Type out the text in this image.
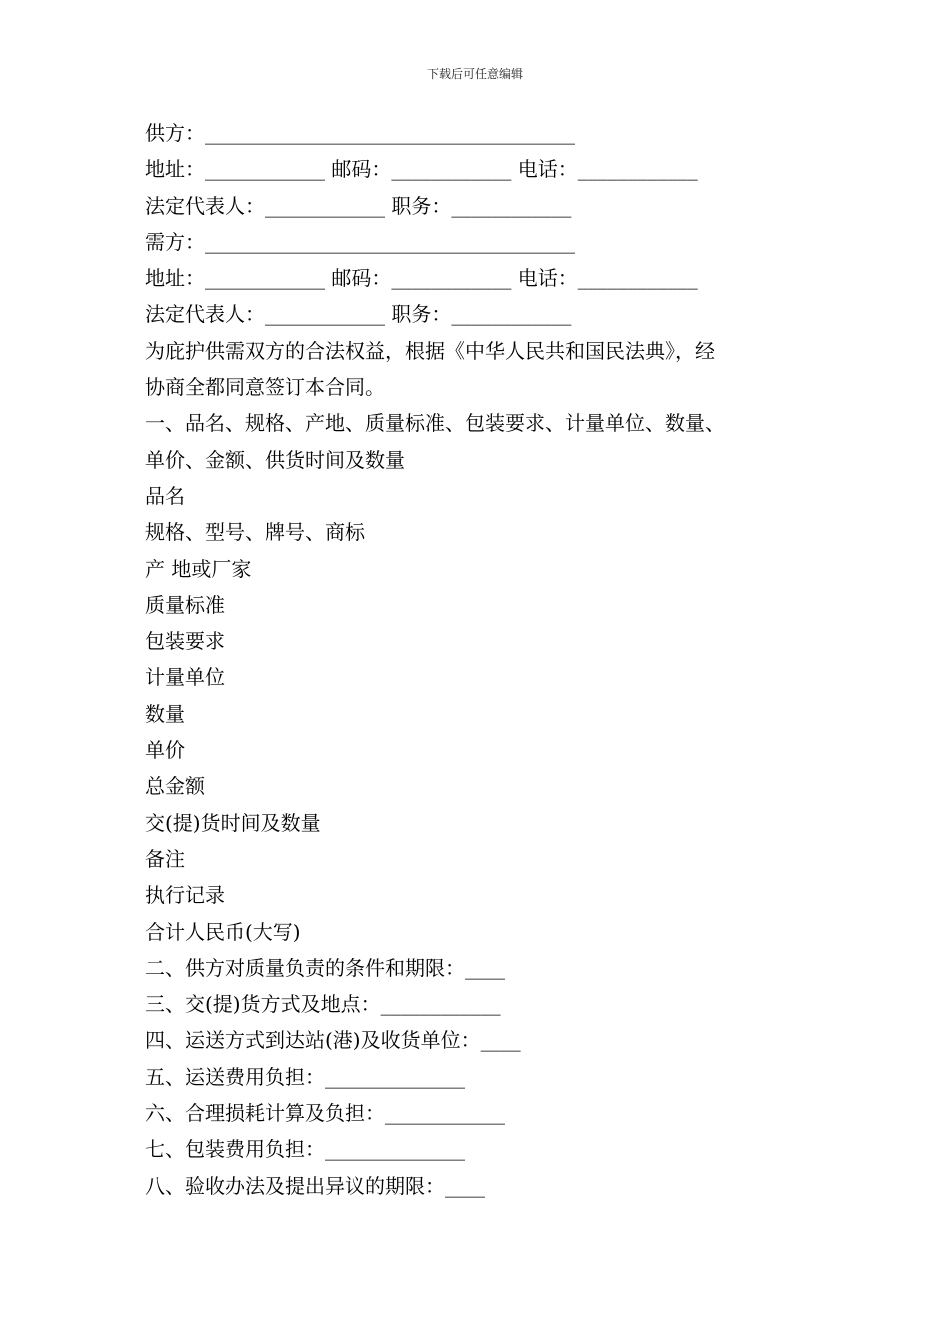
下载后可任意编辑
供方：_____________________________________
地址：____________ 邮码：____________ 电话：____________
法定代表人：____________ 职务：____________
需方：_____________________________________
地址：____________ 邮码：____________ 电话：____________
法定代表人：____________ 职务：____________
为庇护供需双方的合法权益，根据《中华人民共和国民法典》，经
协商全都同意签订本合同。
一、品名、规格、产地、质量标准、包装要求、计量单位、数量、
单价、金额、供货时间及数量
品名
规格、型号、牌号、商标
产 地或厂家
质量标准
包装要求
计量单位
数量
单价
总金额
交(提)货时间及数量
备注
执行记录
合计人民币(大写)
二、供方对质量负责的条件和期限：____
三、交(提)货方式及地点：____________
四、运送方式到达站(港)及收货单位：____
五、运送费用负担：______________
六、合理损耗计算及负担：____________
七、包装费用负担：______________
八、验收办法及提出异议的期限：____
